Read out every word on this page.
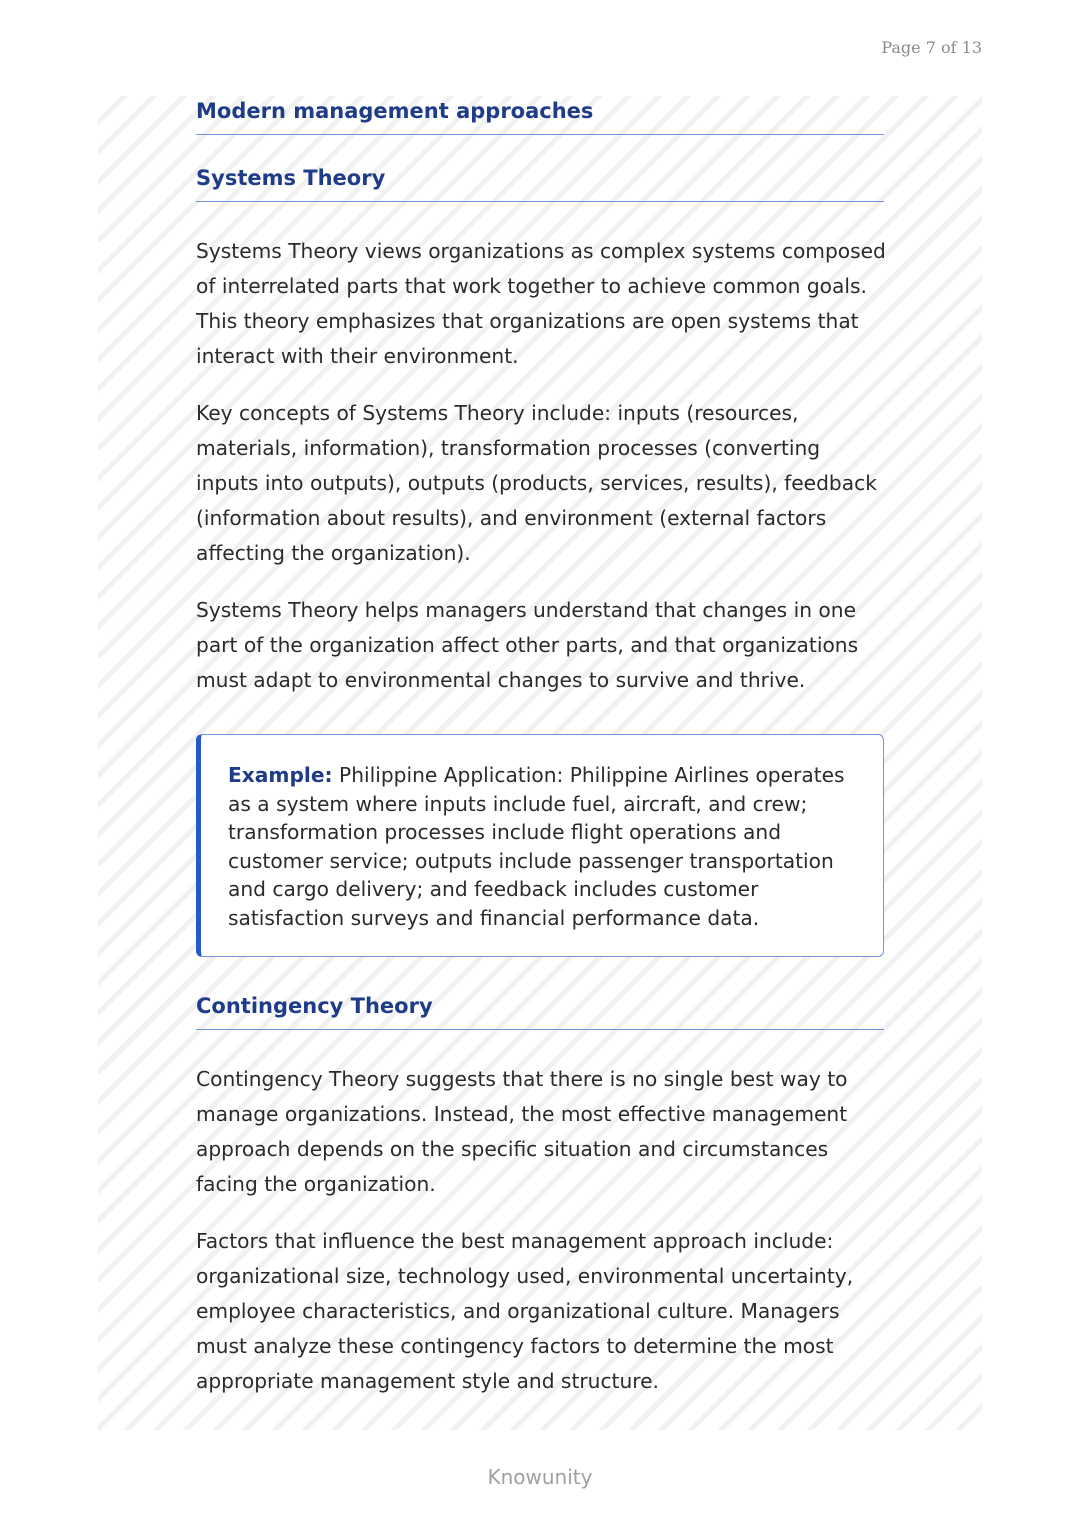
Page 7 of 13
Modern management approaches
Systems Theory

Systems Theory views organizations as complex systems composed of interrelated parts that work together to achieve common goals. This theory emphasizes that organizations are open systems that interact with their environment.

Key concepts of Systems Theory include: inputs (resources, materials, information), transformation processes (converting inputs into outputs), outputs (products, services, results), feedback (information about results), and environment (external factors affecting the organization).

Systems Theory helps managers understand that changes in one part of the organization affect other parts, and that organizations must adapt to environmental changes to survive and thrive.

Example: Philippine Application: Philippine Airlines operates as a system where inputs include fuel, aircraft, and crew; transformation processes include flight operations and customer service; outputs include passenger transportation and cargo delivery; and feedback includes customer satisfaction surveys and financial performance data.

Contingency Theory

Contingency Theory suggests that there is no single best way to manage organizations. Instead, the most effective management approach depends on the specific situation and circumstances facing the organization.

Factors that influence the best management approach include: organizational size, technology used, environmental uncertainty, employee characteristics, and organizational culture. Managers must analyze these contingency factors to determine the most appropriate management style and structure.

Knowunity
